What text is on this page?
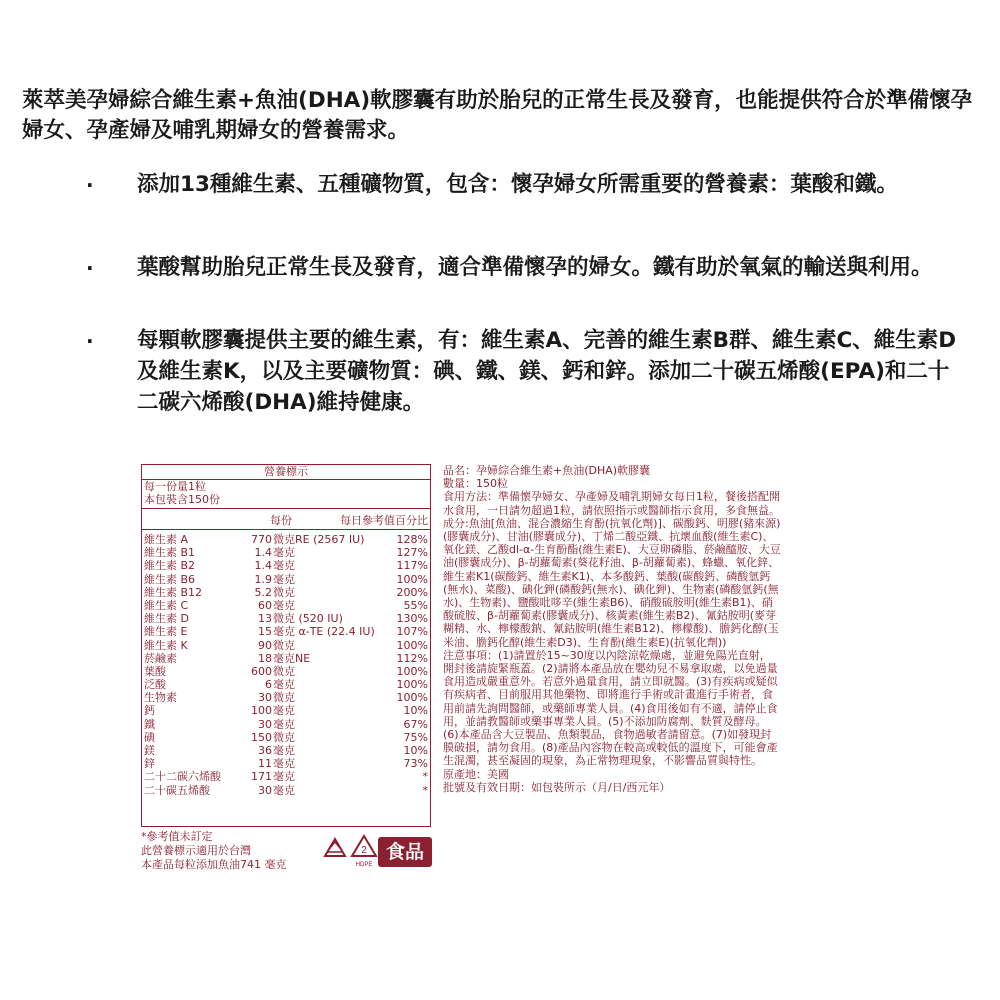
萊萃美孕婦綜合維生素+魚油(DHA)軟膠囊有助於胎兒的正常生長及發育，也能提供符合於準備懷孕婦女、孕產婦及哺乳期婦女的營養需求。
· 添加13種維生素、五種礦物質，包含：懷孕婦女所需重要的營養素：葉酸和鐵。
· 葉酸幫助胎兒正常生長及發育，適合準備懷孕的婦女。鐵有助於氧氣的輸送與利用。
· 每顆軟膠囊提供主要的維生素，有：維生素A、完善的維生素B群、維生素C、維生素D及維生素K，以及主要礦物質：碘、鐵、鎂、鈣和鋅。添加二十碳五烯酸(EPA)和二十二碳六烯酸(DHA)維持健康。
營養標示
每一份量1粒
本包裝含150份
每份	每日參考值百分比
維生素 A	770 微克RE (2567 IU)	128%
維生素 B1	1.4 毫克	127%
維生素 B2	1.4 毫克	117%
維生素 B6	1.9 毫克	100%
維生素 B12	5.2 微克	200%
維生素 C	60 毫克	55%
維生素 D	13 微克 (520 IU)	130%
維生素 E	15 毫克 α-TE (22.4 IU) 107%
維生素 K	90 微克	100%
菸鹼素	18 毫克NE	112%
葉酸	600 微克	100%
泛酸	6 毫克	100%
生物素	30 微克	100%
鈣	100 毫克	10%
鐵	30 毫克	67%
碘	150 微克	75%
鎂	36 毫克	10%
鋅	11 毫克	73%
二十二碳六烯酸	171 毫克	*
二十碳五烯酸	30 毫克	*
*參考值未訂定
此營養標示適用於台灣
本產品每粒添加魚油741 毫克
2
HDPE
食品

品名：孕婦綜合維生素+魚油(DHA)軟膠囊

數量：150粒

食用方法：準備懷孕婦女、孕產婦及哺乳期婦女每日1粒，餐後搭配開水食用，一日請勿超過1粒，請依照指示或醫師指示食用，多食無益。

成分:魚油[魚油、混合濃縮生育酚(抗氧化劑)]、碳酸鈣、明膠(豬來源)(膠囊成分)、甘油(膠囊成分)、丁烯二酸亞鐵、抗壞血酸(維生素C)、氧化鎂、乙酸dl-α-生育酚酯(維生素E)、大豆卵磷脂、菸鹼醯胺、大豆油(膠囊成分)、β-胡蘿蔔素(葵花籽油、β-胡蘿蔔素)、蜂蠟、氧化鋅、維生素K1(碳酸鈣、維生素K1)、本多酸鈣、葉酸(碳酸鈣、磷酸氫鈣(無水)、菜酸)、碘化鉀(磷酸鈣(無水)、碘化鉀)、生物素(磷酸氫鈣(無水)、生物素)、鹽酸吡哆辛(維生素B6)、硝酸硫胺明(維生素B1)、硝酸硫胺、β-胡蘿蔔素(膠囊成分)、核黃素(維生素B2)、氰鈷胺明(麥芽糊精、水、檸檬酸鈉、氰鈷胺明(維生素B12)、檸檬酸)、膽鈣化醇(玉米油、膽鈣化醇(維生素D3)、生育酚(維生素E)(抗氧化劑))

注意事項：(1)請置於15~30度以內陰涼乾燥處，並避免陽光直射，開封後請旋緊瓶蓋。(2)請將本產品放在嬰幼兒不易拿取處，以免過量食用造成嚴重意外。若意外過量食用，請立即就醫。(3)有疾病或疑似有疾病者、目前服用其他藥物、即將進行手術或計畫進行手術者，食用前請先詢問醫師，或藥師專業人員。(4)食用後如有不適，請停止食用，並請教醫師或藥事專業人員。(5)不添加防腐劑、麩質及酵母。(6)本產品含大豆製品、魚類製品，食物過敏者請留意。(7)如發現封膜破損，請勿食用。(8)產品內容物在較高或較低的溫度下，可能會產生混濁，甚至凝固的現象，為正常物理現象，不影響品質與特性。

原產地：美國

批號及有效日期：如包裝所示（月/日/西元年）
